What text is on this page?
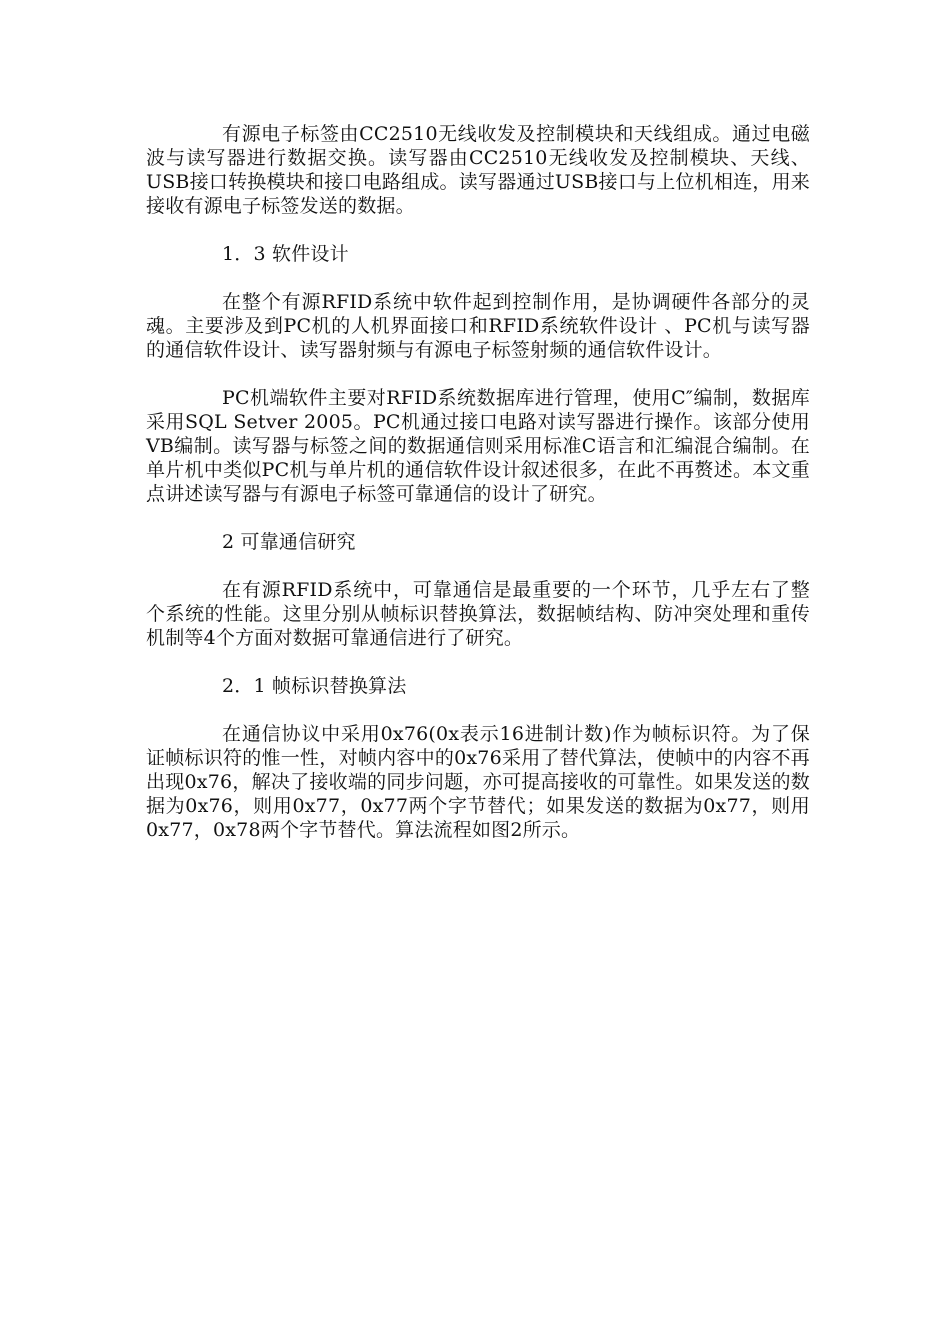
有源电子标签由CC2510无线收发及控制模块和天线组成。通过电磁波与读写器进行数据交换。读写器由CC2510无线收发及控制模块、天线、USB接口转换模块和接口电路组成。读写器通过USB接口与上位机相连，用来接收有源电子标签发送的数据。

1．3 软件设计

在整个有源RFID系统中软件起到控制作用，是协调硬件各部分的灵魂。主要涉及到PC机的人机界面接口和RFID系统软件设计 、PC机与读写器的通信软件设计、读写器射频与有源电子标签射频的通信软件设计。

PC机端软件主要对RFID系统数据库进行管理，使用C″编制，数据库采用SQL Setver 2005。PC机通过接口电路对读写器进行操作。该部分使用VB编制。读写器与标签之间的数据通信则采用标准C语言和汇编混合编制。在单片机中类似PC机与单片机的通信软件设计叙述很多，在此不再赘述。本文重点讲述读写器与有源电子标签可靠通信的设计了研究。

2 可靠通信研究

在有源RFID系统中，可靠通信是最重要的一个环节，几乎左右了整个系统的性能。这里分别从帧标识替换算法，数据帧结构、防冲突处理和重传机制等4个方面对数据可靠通信进行了研究。

2．1 帧标识替换算法

在通信协议中采用0x76(0x表示16进制计数)作为帧标识符。为了保证帧标识符的惟一性，对帧内容中的0x76采用了替代算法，使帧中的内容不再出现0x76，解决了接收端的同步问题，亦可提高接收的可靠性。如果发送的数据为0x76，则用0x77，0x77两个字节替代；如果发送的数据为0x77，则用0x77，0x78两个字节替代。算法流程如图2所示。
